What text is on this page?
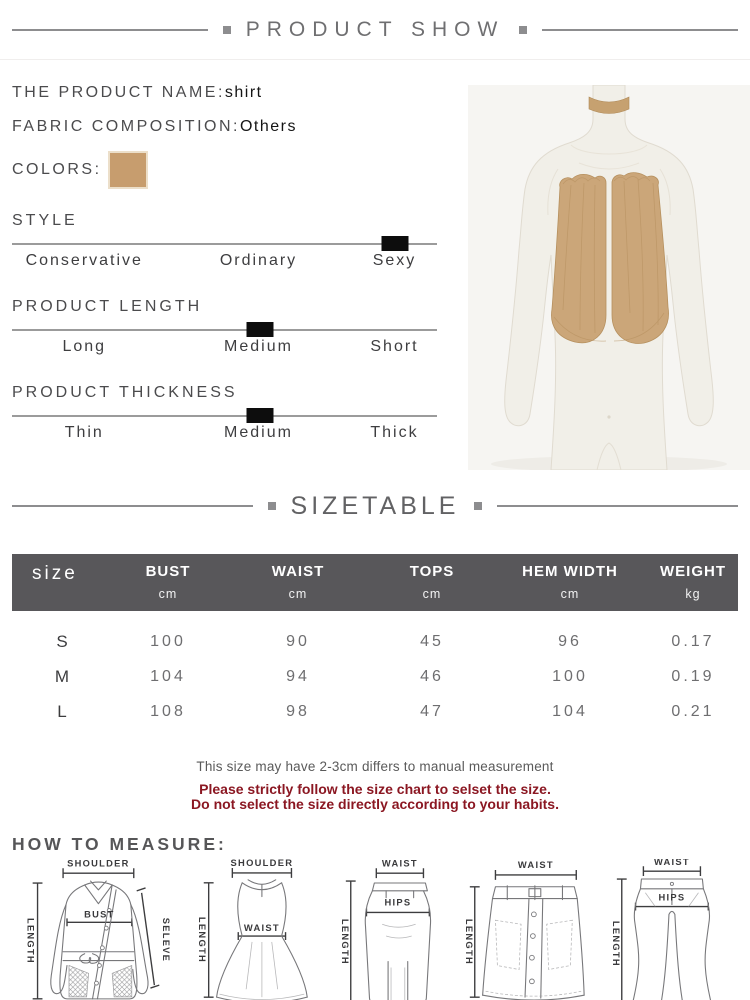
PRODUCT SHOW
THE PRODUCT NAME:shirt
FABRIC COMPOSITION:Others
COLORS:
STYLE
Conservative	Ordinary	Sexy
PRODUCT LENGTH
Long	Medium	Short
PRODUCT THICKNESS
Thin	Medium	Thick
SIZETABLE
size	BUST	WAIST	TOPS	HEM WIDTH	WEIGHT
	cm	cm	cm	cm	kg
S	100	90	45	96	0.17
M	104	94	46	100	0.19
L	108	98	47	104	0.21
This size may have 2-3cm differs to manual measurement
Please strictly follow the size chart to selset the size.
Do not select the size directly according to your habits.
HOW TO MEASURE:
SHOULDER
BUST
LENGTH	SELEVE
SHOULDER
WAIST
LENGTH
WAIST
HIPS
LENGTH
WAIST
LENGTH
WAIST
HIPS
LENGTH
